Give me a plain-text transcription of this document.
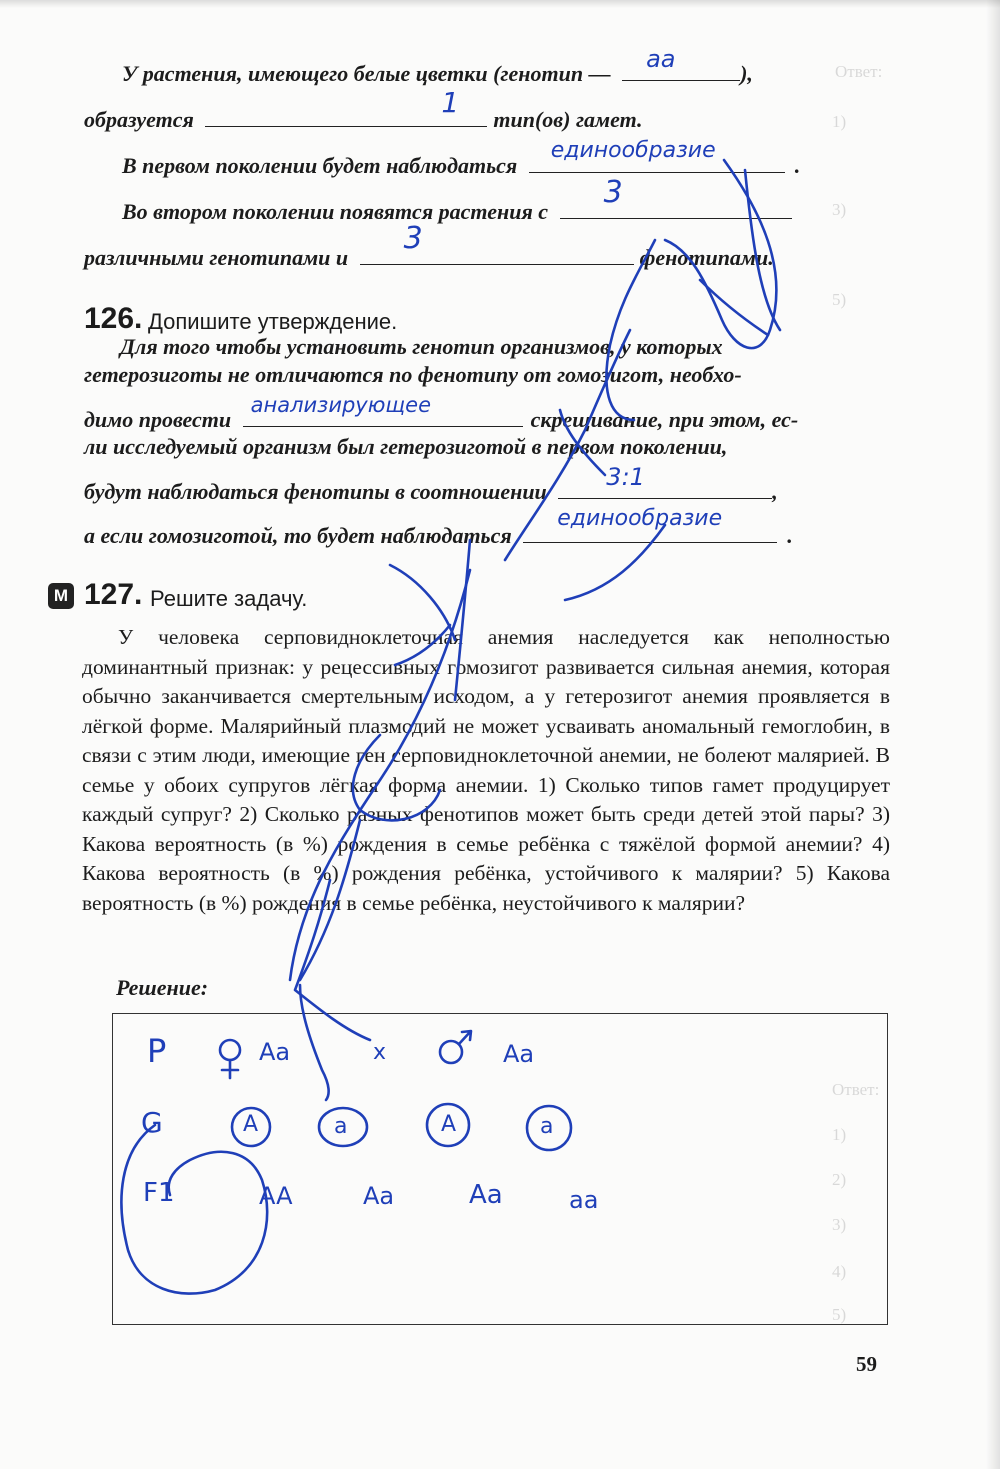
Ответ:
1)
3)
5)
Ответ:
1)
2)
3)
4)
5)
У растения, имеющего белые цветки (генотип —
аа
),
образуется
1
тип(ов) гамет.
В первом поколении будет наблюдаться
единообразие
.
Во втором поколении появятся растения с
3
различными генотипами и
3
фенотипами.
126. Допишите утверждение.
Для того чтобы установить генотип организмов, у которых
гетерозиготы не отличаются по фенотипу от гомозигот, необхо-
димо провести
анализирующее
скрещивание, при этом, ес-
ли исследуемый организм был гетерозиготой в первом поколении,
будут наблюдаться фенотипы в соотношении
3:1
,
а если гомозиготой, то будет наблюдаться
единообразие
.
М 127. Решите задачу.
У человека серповидноклеточная анемия наследуется как неполностью доминантный признак: у рецессивных гомозигот развивается сильная анемия, которая обычно заканчивается смертельным исходом, а у гетерозигот анемия проявляется в лёгкой форме. Малярийный плазмодий не может усваивать аномальный гемоглобин, в связи с этим люди, имеющие ген серповидноклеточной анемии, не болеют малярией. В семье у обоих супругов лёгкая форма анемии. 1) Сколько типов гамет продуцирует каждый супруг? 2) Сколько разных фенотипов может быть среди детей этой пары? 3) Какова вероятность (в %) рождения в семье ребёнка с тяжёлой формой анемии? 4) Какова вероятность (в %) рождения ребёнка, устойчивого к малярии? 5) Какова вероятность (в %) рождения в семье ребёнка, неустойчивого к малярии?
Решение:
P	Aa	x	Aa
G	A	a	A	a
F1	AA	Aa	Aa	aa
59
